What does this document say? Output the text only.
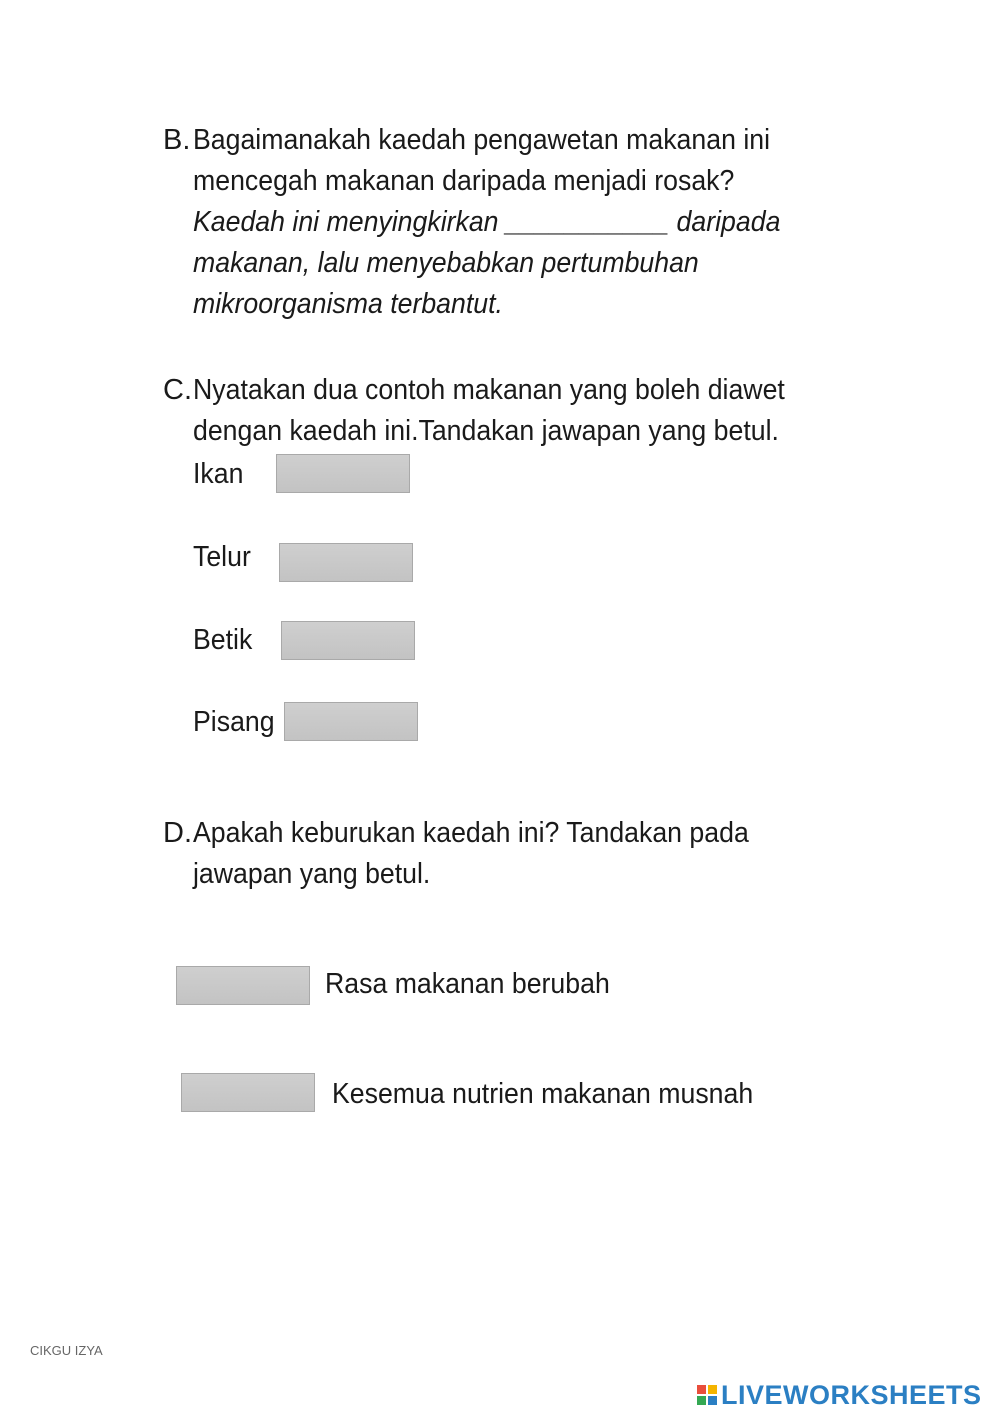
B. Bagaimanakah kaedah pengawetan makanan ini
mencegah makanan daripada menjadi rosak?
Kaedah ini menyingkirkan ___________ daripada
makanan, lalu menyebabkan pertumbuhan
mikroorganisma terbantut.
C. Nyatakan dua contoh makanan yang boleh diawet
dengan kaedah ini.Tandakan jawapan yang betul.
Ikan
Telur
Betik
Pisang
D. Apakah keburukan kaedah ini? Tandakan pada
jawapan yang betul.
Rasa makanan berubah
Kesemua nutrien makanan musnah
CIKGU IZYA
LIVEWORKSHEETS
